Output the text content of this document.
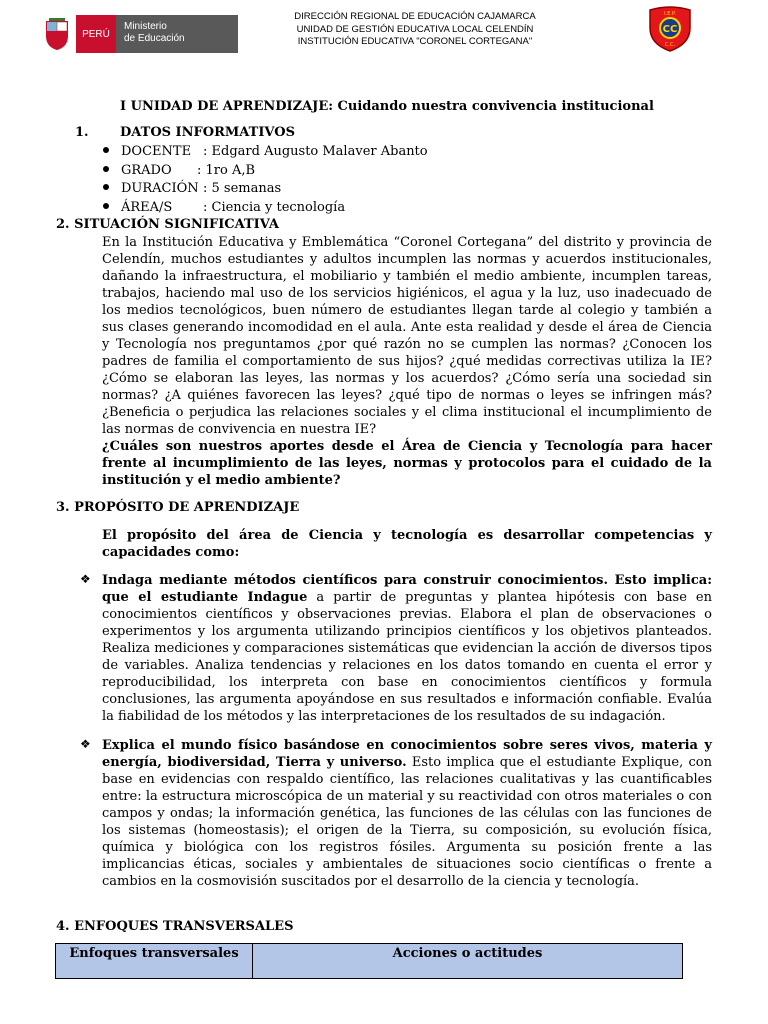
PERÚ
Ministerio
de Educación
DIRECCIÓN REGIONAL DE EDUCACIÓN CAJAMARCA
UNIDAD DE GESTIÓN EDUCATIVA LOCAL CELENDÍN
INSTITUCIÓN EDUCATIVA "CORONEL CORTEGANA"
I.E.P.
CC
C.C.
I UNIDAD DE APRENDIZAJE: Cuidando nuestra convivencia institucional
1. DATOS INFORMATIVOS
DOCENTE : Edgard Augusto Malaver Abanto
GRADO : 1ro A,B
DURACIÓN : 5 semanas
ÁREA/S : Ciencia y tecnología
2. SITUACIÓN SIGNIFICATIVA
En la Institución Educativa y Emblemática “Coronel Cortegana” del distrito y provincia de Celendín, muchos estudiantes y adultos incumplen las normas y acuerdos institucionales, dañando la infraestructura, el mobiliario y también el medio ambiente, incumplen tareas, trabajos, haciendo mal uso de los servicios higiénicos, el agua y la luz, uso inadecuado de los medios tecnológicos, buen número de estudiantes llegan tarde al colegio y también a sus clases generando incomodidad en el aula. Ante esta realidad y desde el área de Ciencia y Tecnología nos preguntamos ¿por qué razón no se cumplen las normas? ¿Conocen los padres de familia el comportamiento de sus hijos? ¿qué medidas correctivas utiliza la IE? ¿Cómo se elaboran las leyes, las normas y los acuerdos? ¿Cómo sería una sociedad sin normas? ¿A quiénes favorecen las leyes? ¿qué tipo de normas o leyes se infringen más? ¿Beneficia o perjudica las relaciones sociales y el clima institucional el incumplimiento de las normas de convivencia en nuestra IE?
¿Cuáles son nuestros aportes desde el Área de Ciencia y Tecnología para hacer frente al incumplimiento de las leyes, normas y protocolos para el cuidado de la institución y el medio ambiente?
3. PROPÓSITO DE APRENDIZAJE
El propósito del área de Ciencia y tecnología es desarrollar competencias y capacidades como:
❖ Indaga mediante métodos científicos para construir conocimientos. Esto implica: que el estudiante Indague a partir de preguntas y plantea hipótesis con base en conocimientos científicos y observaciones previas. Elabora el plan de observaciones o experimentos y los argumenta utilizando principios científicos y los objetivos planteados. Realiza mediciones y comparaciones sistemáticas que evidencian la acción de diversos tipos de variables. Analiza tendencias y relaciones en los datos tomando en cuenta el error y reproducibilidad, los interpreta con base en conocimientos científicos y formula conclusiones, las argumenta apoyándose en sus resultados e información confiable. Evalúa la fiabilidad de los métodos y las interpretaciones de los resultados de su indagación.
❖ Explica el mundo físico basándose en conocimientos sobre seres vivos, materia y energía, biodiversidad, Tierra y universo. Esto implica que el estudiante Explique, con base en evidencias con respaldo científico, las relaciones cualitativas y las cuantificables entre: la estructura microscópica de un material y su reactividad con otros materiales o con campos y ondas; la información genética, las funciones de las células con las funciones de los sistemas (homeostasis); el origen de la Tierra, su composición, su evolución física, química y biológica con los registros fósiles. Argumenta su posición frente a las implicancias éticas, sociales y ambientales de situaciones socio científicas o frente a cambios en la cosmovisión suscitados por el desarrollo de la ciencia y tecnología.
4. ENFOQUES TRANSVERSALES
Enfoques transversales	Acciones o actitudes
